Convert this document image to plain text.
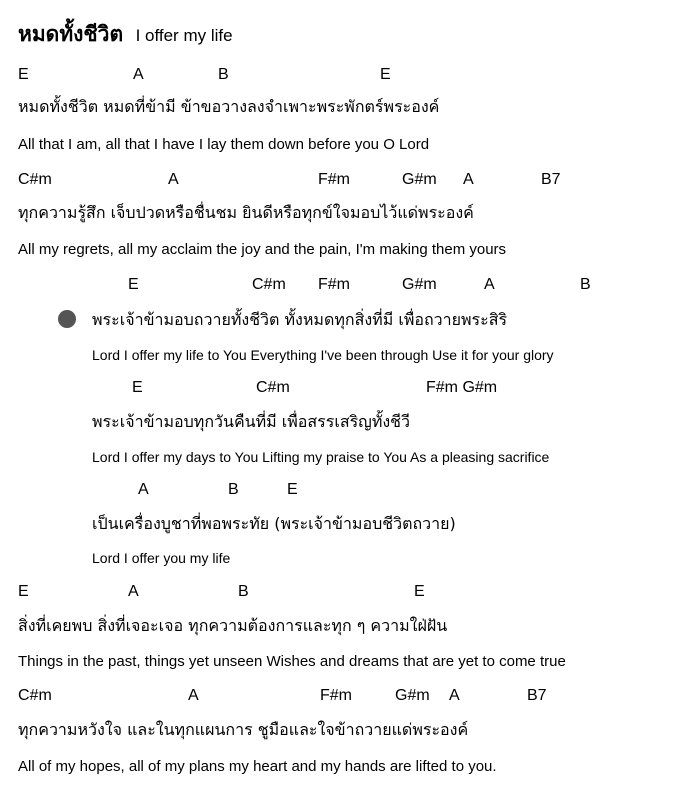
หมดทั้งชีวิต I offer my life
E	A	B	E
หมดทั้งชีวิต หมดที่ข้ามี ข้าขอวางลงจำเพาะพระพักตร์พระองค์
All that I am, all that I have I lay them down before you O Lord
C#m	A	F#m	G#m A	B7
ทุกความรู้สึก เจ็บปวดหรือชื่นชม ยินดีหรือทุกข์ใจมอบไว้แด่พระองค์
All my regrets, all my acclaim the joy and the pain, I'm making them yours
E	C#m F#m	G#m	A	B
พระเจ้าข้ามอบถวายทั้งชีวิต ทั้งหมดทุกสิ่งที่มี เพื่อถวายพระสิริ
Lord I offer my life to You Everything I've been through Use it for your glory
E	C#m	F#m G#m
พระเจ้าข้ามอบทุกวันคืนที่มี เพื่อสรรเสริญทั้งชีวี
Lord I offer my days to You Lifting my praise to You As a pleasing sacrifice
A	B	E
เป็นเครื่องบูชาที่พอพระทัย (พระเจ้าข้ามอบชีวิตถวาย)
Lord I offer you my life
E	A	B	E
สิ่งที่เคยพบ สิ่งที่เจอะเจอ ทุกความต้องการและทุก ๆ ความใฝ่ฝัน
Things in the past, things yet unseen Wishes and dreams that are yet to come true
C#m	A	F#m	G#m A	B7
ทุกความหวังใจ และในทุกแผนการ ชูมือและใจข้าถวายแด่พระองค์
All of my hopes, all of my plans my heart and my hands are lifted to you.
